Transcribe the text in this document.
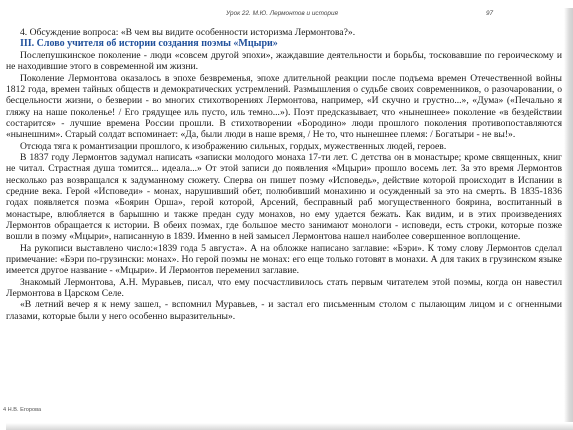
Урок 22. М.Ю. Лермонтов и история	97

4. Обсуждение вопроса: «В чем вы видите особенности историзма Лермонтова?».

III. Слово учителя об истории создания поэмы «Мцыри»

Послепушкинское поколение - люди «совсем другой эпохи», жаждавшие деятельности и борьбы, тосковавшие по героическому и не находившие этого в современной им жизни.

Поколение Лермонтова оказалось в эпохе безвременья, эпохе длительной реакции после подъема времен Отечественной войны 1812 года, времен тайных обществ и демократических устремлений. Размышления о судьбе своих современников, о разочаровании, о бесцельности жизни, о безверии - во многих стихотворениях Лермонтова, например, «И скучно и грустно...», «Дума» («Печально я гляжу на наше поколенье! / Его грядущее иль пусто, иль темно...»). Поэт предсказывает, что «нынешнее» поколение «в бездействии состарится» - лучшие времена России прошли. В стихотворении «Бородино» люди прошлого поколения противопоставляются «нынешним». Старый солдат вспоминает: «Да, были люди в наше время, / Не то, что нынешнее племя: / Богатыри - не вы!».

Отсюда тяга к романтизации прошлого, к изображению сильных, гордых, мужественных людей, героев.

В 1837 году Лермонтов задумал написать «записки молодого монаха 17-ти лет. С детства он в монастыре; кроме священных, книг не читал. Страстная душа томится... идеала...» От этой записи до появления «Мцыри» прошло восемь лет. За это время Лермонтов несколько раз возвращался к задуманному сюжету. Сперва он пишет поэму «Исповедь», действие которой происходит в Испании в средние века. Герой «Исповеди» - монах, нарушивший обет, полюбивший монахиню и осужденный за это на смерть. В 1835-1836 годах появляется поэма «Боярин Орша», герой которой, Арсений, бесправный раб могущественного боярина, воспитанный в монастыре, влюбляется в барышню и также предан суду монахов, но ему удается бежать. Как видим, и в этих произведениях Лермонтов обращается к истории. В обеих поэмах, где большое место занимают монологи - исповеди, есть строки, которые позже вошли в поэму «Мцыри», написанную в 1839. Именно в ней замысел Лермонтова нашел наиболее совершенное воплощение.

На рукописи выставлено число:«1839 года 5 августа». А на обложке написано заглавие: «Бэри». К тому слову Лермонтов сделал примечание: «Бэри по-грузински: монах». Но герой поэмы не монах: его еще только готовят в монахи. А для таких в грузинском языке имеется другое название - «Мцыри». И Лермонтов переменил заглавие.

Знакомый Лермонтова, А.Н. Муравьев, писал, что ему посчастливилось стать первым читателем этой поэмы, когда он навестил Лермонтова в Царском Селе.

«В летний вечер я к нему зашел, - вспомнил Муравьев, - и застал его письменным столом с пылающим лицом и с огненными глазами, которые были у него особенно выразительны».

4 Н.В. Егорова
